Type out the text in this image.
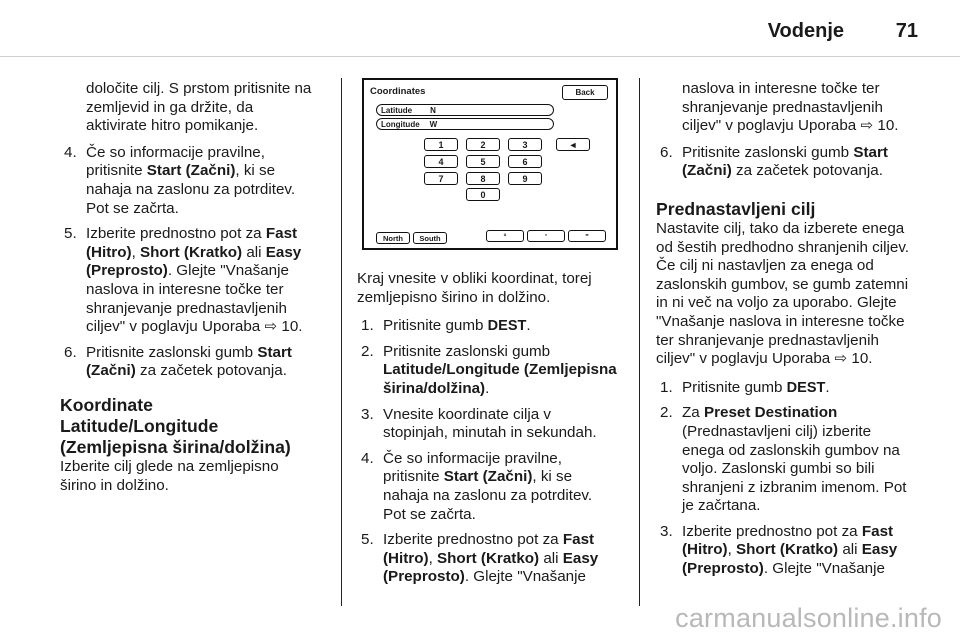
Vodenje	71
določite cilj. S prstom pritisnite na
zemljevid in ga držite, da
aktivirate hitro pomikanje.
4. Če so informacije pravilne,
pritisnite Start (Začni), ki se
nahaja na zaslonu za potrditev.
Pot se začrta.
5. Izberite prednostno pot za Fast
(Hitro), Short (Kratko) ali Easy
(Preprosto). Glejte "Vnašanje
naslova in interesne točke ter
shranjevanje prednastavljenih
ciljev" v poglavju Uporaba ⇨ 10.
6. Pritisnite zaslonski gumb Start
(Začni) za začetek potovanja.
Koordinate
Latitude/Longitude
(Zemljepisna širina/dolžina)
Izberite cilj glede na zemljepisno
širino in dolžino.
Coordinates	Back
Latitude N
Longitude W
1	2	3	◄
4	5	6
7	8	9
0
North	South	°	'	"
Kraj vnesite v obliki koordinat, torej
zemljepisno širino in dolžino.
1. Pritisnite gumb DEST.
2. Pritisnite zaslonski gumb
Latitude/Longitude (Zemljepisna
širina/dolžina).
3. Vnesite koordinate cilja v
stopinjah, minutah in sekundah.
4. Če so informacije pravilne,
pritisnite Start (Začni), ki se
nahaja na zaslonu za potrditev.
Pot se začrta.
5. Izberite prednostno pot za Fast
(Hitro), Short (Kratko) ali Easy
(Preprosto). Glejte "Vnašanje
naslova in interesne točke ter
shranjevanje prednastavljenih
ciljev" v poglavju Uporaba ⇨ 10.
6. Pritisnite zaslonski gumb Start
(Začni) za začetek potovanja.
Prednastavljeni cilj
Nastavite cilj, tako da izberete enega
od šestih predhodno shranjenih ciljev.
Če cilj ni nastavljen za enega od
zaslonskih gumbov, se gumb zatemni
in ni več na voljo za uporabo. Glejte
"Vnašanje naslova in interesne točke
ter shranjevanje prednastavljenih
ciljev" v poglavju Uporaba ⇨ 10.
1. Pritisnite gumb DEST.
2. Za Preset Destination
(Prednastavljeni cilj) izberite
enega od zaslonskih gumbov na
voljo. Zaslonski gumbi so bili
shranjeni z izbranim imenom. Pot
je začrtana.
3. Izberite prednostno pot za Fast
(Hitro), Short (Kratko) ali Easy
(Preprosto). Glejte "Vnašanje
carmanualsonline.info
